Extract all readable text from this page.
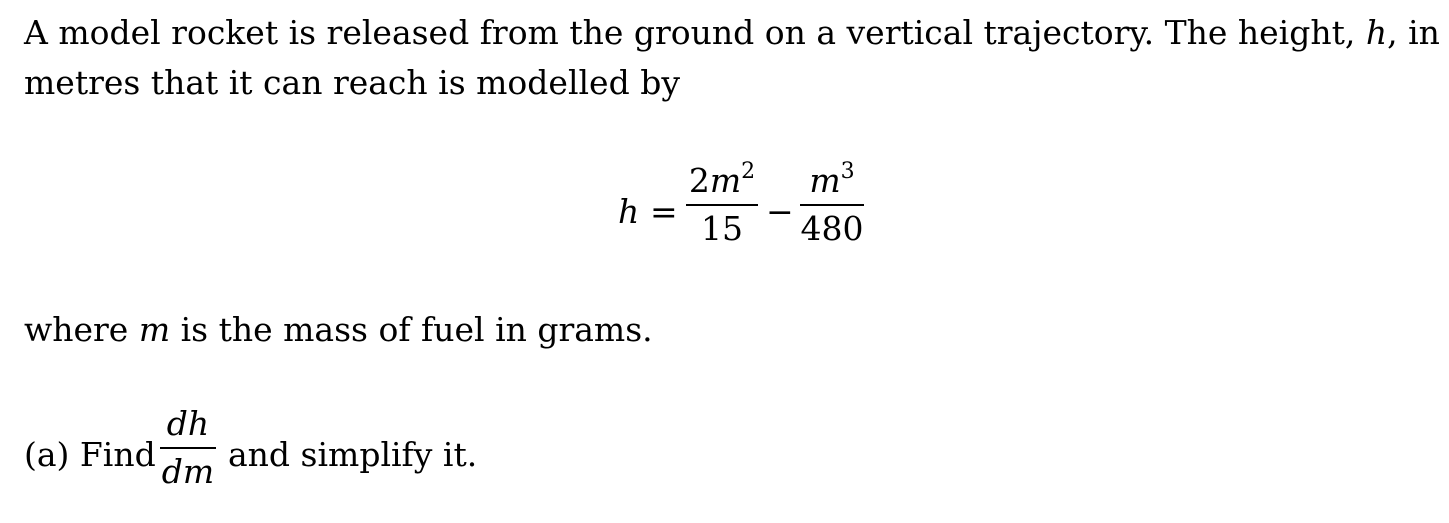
A model rocket is released from the ground on a vertical trajectory. The height, h, in
metres that it can reach is modelled by
h =
$2m^2$
15 −
$m^3$
480
where m is the mass of fuel in grams.
(a) Find
dh
dm and simplify it.
